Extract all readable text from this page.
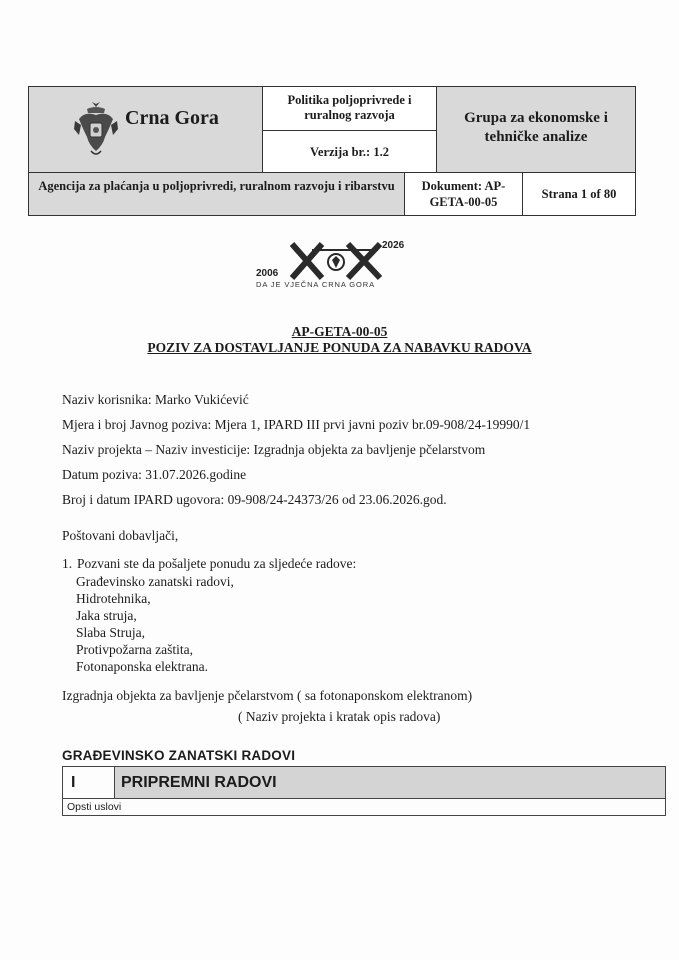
Crna Gora
Politika poljoprivrede i ruralnog razvoja
Verzija br.: 1.2
Grupa za ekonomske i tehničke analize
Agencija za plaćanja u poljoprivredi, ruralnom razvoju i ribarstvu	Dokument: AP-GETA-00-05
Strana 1 of 80
2006
2026
DA JE VJEČNA CRNA GORA
AP-GETA-00-05
POZIV ZA DOSTAVLJANJE PONUDA ZA NABAVKU RADOVA
Naziv korisnika: Marko Vukićević
Mjera i broj Javnog poziva: Mjera 1, IPARD III prvi javni poziv br.09-908/24-19990/1
Naziv projekta – Naziv investicije: Izgradnja objekta za bavljenje pčelarstvom
Datum poziva: 31.07.2026.godine
Broj i datum IPARD ugovora: 09-908/24-24373/26 od 23.06.2026.god.
Poštovani dobavljači,
1. Pozvani ste da pošaljete ponudu za sljedeće radove:
Građevinsko zanatski radovi,
Hidrotehnika,
Jaka struja,
Slaba Struja,
Protivpožarna zaštita,
Fotonaponska elektrana.
Izgradnja objekta za bavljenje pčelarstvom ( sa fotonaponskom elektranom)
( Naziv projekta i kratak opis radova)
GRAĐEVINSKO ZANATSKI RADOVI
I	PRIPREMNI RADOVI
Opsti uslovi
